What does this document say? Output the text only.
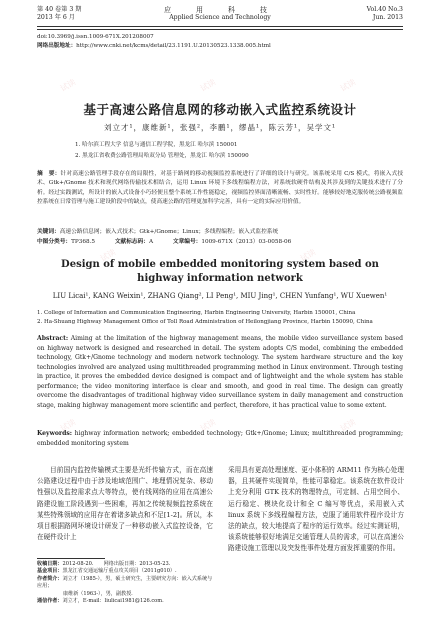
第 40 卷第 3 期
2013 年 6 月
应　用　科　技
Applied Science and Technology
Vol.40 No.3
Jun. 2013
doi:10.3969/j.issn.1009-671X.201208007
网络出版地址：http://www.cnki.net/kcms/detail/23.1191.U.20130523.1338.005.html
基于高速公路信息网的移动嵌入式监控系统设计
刘立才¹，康维新¹，张强²，李鹏¹，缪晶¹，陈云芳¹，吴学文¹
1. 哈尔滨工程大学 信息与通信工程学院，黑龙江 哈尔滨 150001
2. 黑龙江省收费公路管理局哈双分局 管理处，黑龙江 哈尔滨 150090
摘　要：针对高速公路管理手段存在的局限性，对基于路网的移动视频监控系统进行了详细的设计与研究。该系统采用 C/S 模式，将嵌入式技术、Gtk+/Gnome 技术和现代网络传输技术相结合，运用 Linux 环境下多线程编程方法，对系统软硬件结构及其涉及到的关键技术进行了分析。经过实践测试，所设计的嵌入式设备小巧轻便且整个系统工作性能稳定，视频监控界面清晰流畅、实时性好。能够较好地克服传统公路视频监控系统在日常管理与施工建设阶段中的缺点，使高速公路的管理更加科学完善，具有一定的实际应用价值。
关键词：高速公路信息网；嵌入式技术；Gtk+/Gnome；Linux；多线程编程；嵌入式监控系统
中图分类号：TP368.5	文献标志码：A	文章编号：1009-671X（2013）03-0058-06
Design of mobile embedded monitoring system based on highway information network
LIU Licai¹, KANG Weixin¹, ZHANG Qiang², LI Peng¹, MIU Jing¹, CHEN Yunfang¹, WU Xuewen¹
1. College of Information and Communication Engineering, Harbin Engineering University, Harbin 150001, China
2. Ha-Shuang Highway Management Office of Toll Road Administration of Heilongjiang Province, Harbin 150090, China
Abstract: Aiming at the limitation of the highway management means, the mobile video surveillance system based on highway network is designed and researched in detail. The system adopts C/S model, combining the embedded technology, Gtk+/Gnome technology and modern network technology. The system hardware structure and the key technologies involved are analyzed using multithreaded programming method in Linux environment. Through testing in practice, it proves the embedded device designed is compact and of lightweight and the whole system has stable performance; the video monitoring interface is clear and smooth, and good in real time. The design can greatly overcome the disadvantages of traditional highway video surveillance system in daily management and construction stage, making highway management more scientific and perfect, therefore, it has practical value to some extent.
Keywords: highway information network; embedded technology; Gtk+/Gnome; Linux; multithreaded programming; embedded monitoring system
目前国内监控传输模式主要是光纤传输方式，而在高速公路建设过程中由于涉及地域范围广、地理情况复杂、移动性强以及监控需求点大等特点，使有线网络的应用在高速公路建设施工阶段遇到一些困难，再加之传统视频监控系统在某些特殊领域的应用存在着诸多缺点和不足[1-2]。所以，本项目根据路网环境设计研发了一种移动嵌入式监控设备，它在硬件设计上
采用具有更高处理速度、更小体积的 ARM11 作为核心处理器，且其硬件实现简单，性能可靠稳定。该系统在软件设计上充分利用 GTK 技术的物理特点，可定制、占用空间小、运行稳定、模块化设计和全 C 编写等优点，采用嵌入式 linux 系统下多线程编程方法，克服了通用软件程序设计方法的缺点，较大地提高了程序的运行效率。经过实测证明，该系统能够很好地满足交通管理人员的需求，可以在高速公路建设施工管理以及突发性事件处理方面发挥重要的作用。
收稿日期：2012-08-20.　　网络出版日期：2013-05-23.
基金项目：黑龙江省交通运输厅重点攻关项目（2011g010）.
作者简介：刘立才（1985-），男，硕士研究生，主要研究方向：嵌入式系统与应用；
康维新（1963-），男，副教授.
通信作者：刘立才，E-mail：liulicai1981@126.com.
试读	试读	试读
试读	试读
试读	试读	试读
